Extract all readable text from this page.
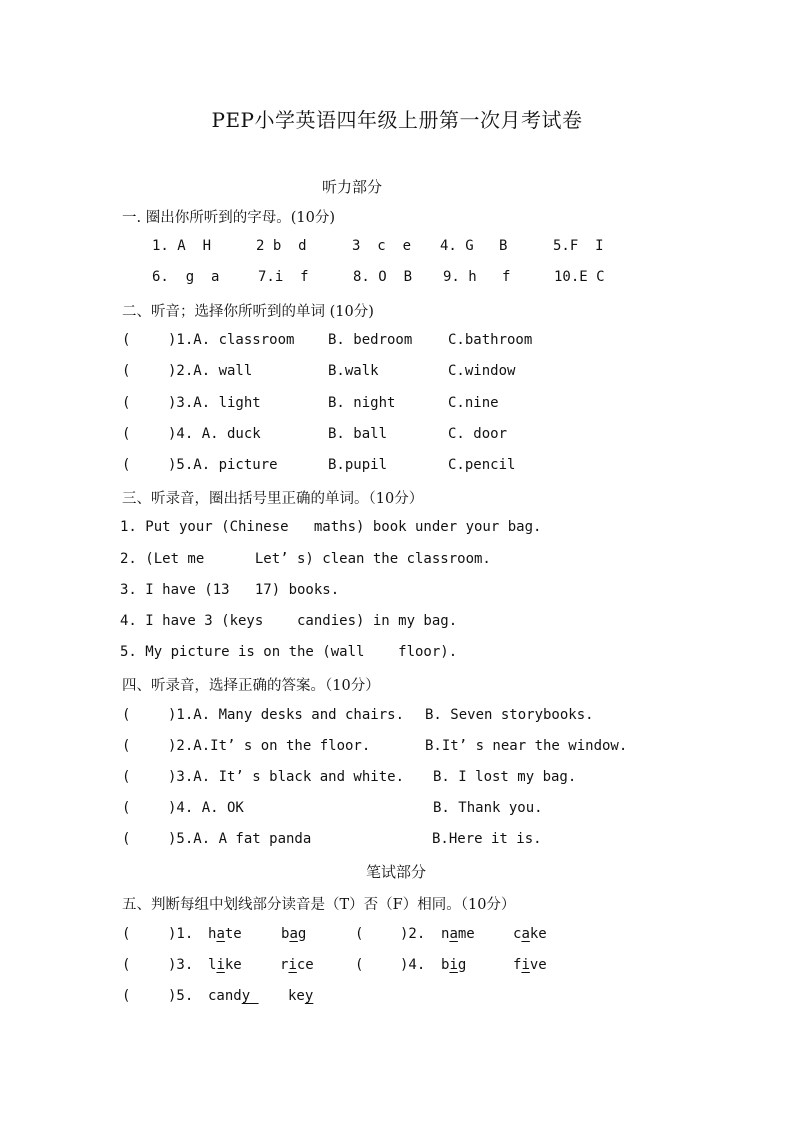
PEP小学英语四年级上册第一次月考试卷
听力部分
一. 圈出你所听到的字母。(10分)
1. A  H	2 b  d	3  c  e 4. G   B	5.F  I
6.  g  a	7.i  f	8. O  B 9. h   f	10.E C
二、听音；选择你所听到的单词 (10分)
(	)1.A. classroom B. bedroom	C.bathroom
(	)2.A. wall	B.walk	C.window
(	)3.A. light	B. night	C.nine
(	)4. A. duck	B. ball	C. door
(	)5.A. picture	B.pupil	C.pencil
三、听录音，圈出括号里正确的单词。（10分）
1. Put your (Chinese   maths) book under your bag.
2. (Let me      Let’ s) clean the classroom.
3. I have (13   17) books.
4. I have 3 (keys    candies) in my bag.
5. My picture is on the (wall    floor).
四、听录音，选择正确的答案。（10分）
(	)1.A. Many desks and chairs. B. Seven storybooks.
(	)2.A.It’ s on the floor.	B.It’ s near the window.
(	)3.A. It’ s black and white. B. I lost my bag.
(	)4. A. OK	B. Thank you.
(	)5.A. A fat panda	B.Here it is.
笔试部分
五、判断每组中划线部分读音是（T）否（F）相同。（10分）
(	)1. hate	bag	(	)2. name	cake
(	)3. like	rice	(	)4. big	five
(	)5. candy key
